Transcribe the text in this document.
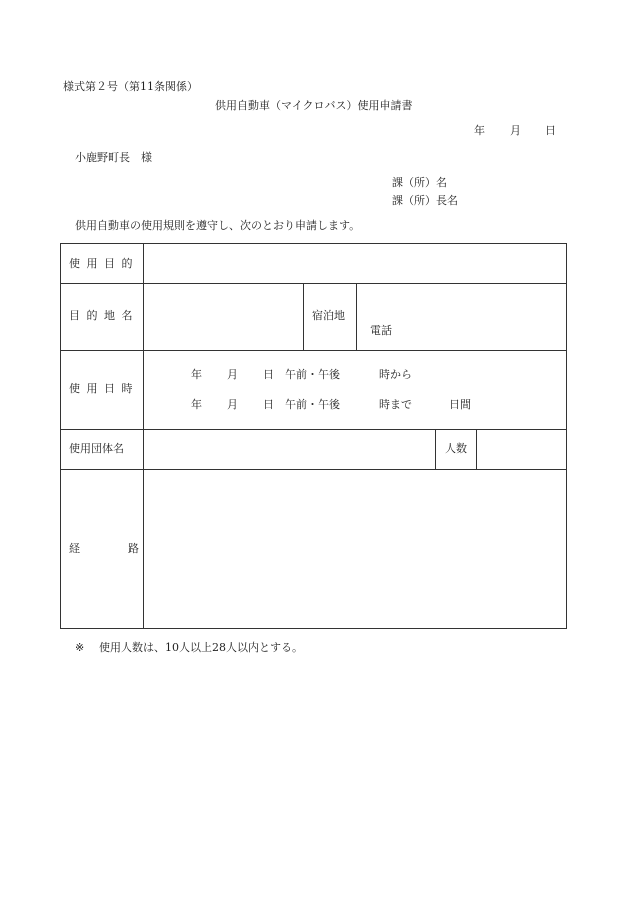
様式第２号（第11条関係）
供用自動車（マイクロバス）使用申請書
年 月 日
小鹿野町長　様
課（所）名
課（所）長名
供用自動車の使用規則を遵守し、次のとおり申請します。
使用目的
目的地名	宿泊地
電話
使用日時
年 月 日 午前・午後	時から
年 月 日 午前・午後	時まで	日間
使用団体名	人数
経	路
※ 使用人数は、10人以上28人以内とする。
